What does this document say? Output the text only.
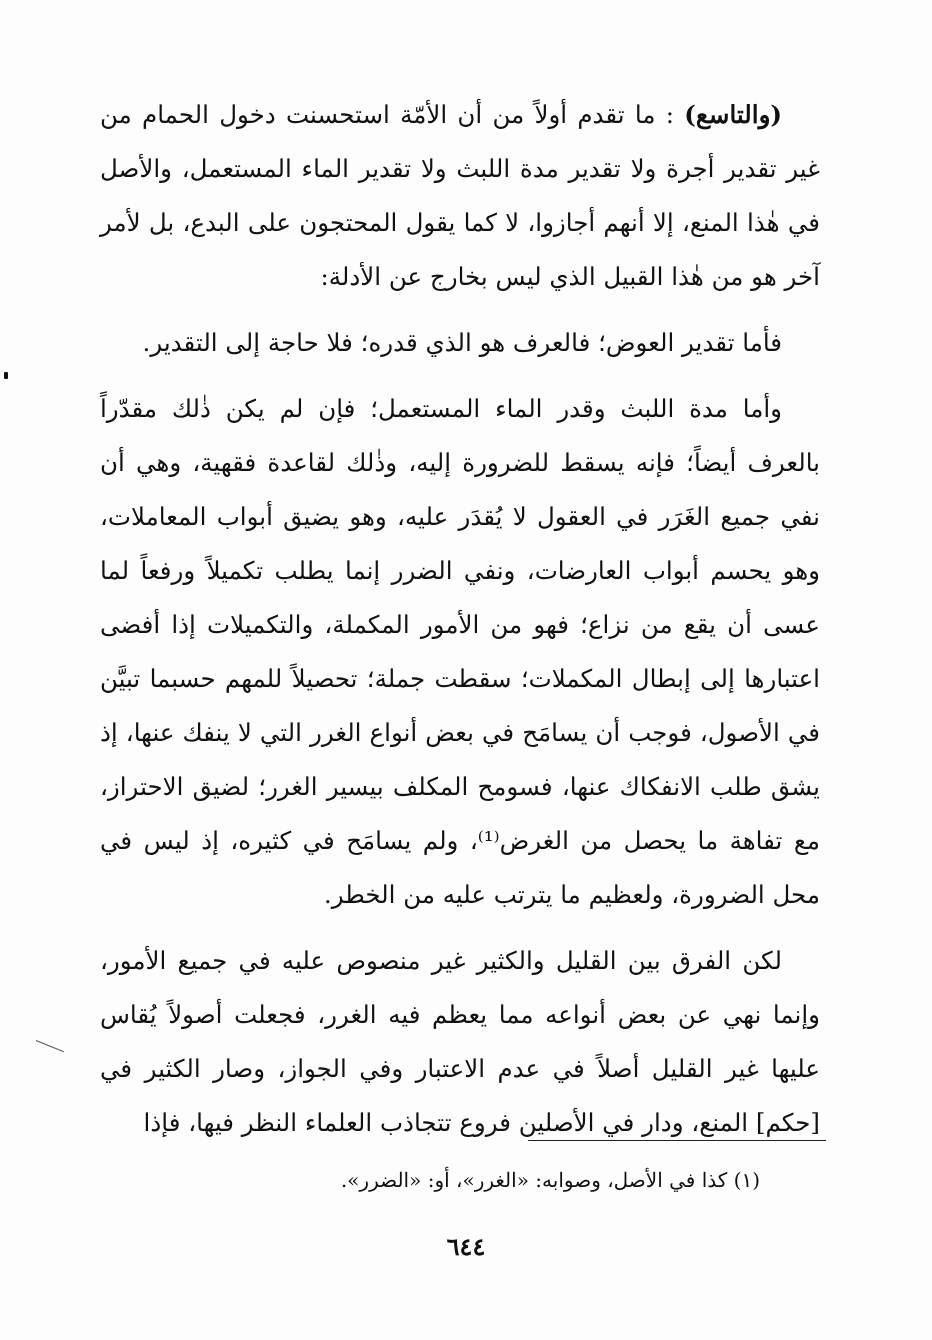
(والتاسع) : ما تقدم أولاً من أن الأمّة استحسنت دخول الحمام من غير تقدير أجرة ولا تقدير مدة اللبث ولا تقدير الماء المستعمل، والأصل في هٰذا المنع، إلا أنهم أجازوا، لا كما يقول المحتجون على البدع، بل لأمر آخر هو من هٰذا القبيل الذي ليس بخارج عن الأدلة:

فأما تقدير العوض؛ فالعرف هو الذي قدره؛ فلا حاجة إلى التقدير.

وأما مدة اللبث وقدر الماء المستعمل؛ فإن لم يكن ذٰلك مقدّراً بالعرف أيضاً؛ فإنه يسقط للضرورة إليه، وذٰلك لقاعدة فقهية، وهي أن نفي جميع الغَرَر في العقول لا يُقدَر عليه، وهو يضيق أبواب المعاملات، وهو يحسم أبواب العارضات، ونفي الضرر إنما يطلب تكميلاً ورفعاً لما عسى أن يقع من نزاع؛ فهو من الأمور المكملة، والتكميلات إذا أفضى اعتبارها إلى إبطال المكملات؛ سقطت جملة؛ تحصيلاً للمهم حسبما تبيَّن في الأصول، فوجب أن يسامَح في بعض أنواع الغرر التي لا ينفك عنها، إذ يشق طلب الانفكاك عنها، فسومح المكلف بيسير الغرر؛ لضيق الاحتراز، مع تفاهة ما يحصل من الغرض⁽¹⁾، ولم يسامَح في كثيره، إذ ليس في محل الضرورة، ولعظيم ما يترتب عليه من الخطر.

لكن الفرق بين القليل والكثير غير منصوص عليه في جميع الأمور، وإنما نهي عن بعض أنواعه مما يعظم فيه الغرر، فجعلت أصولاً يُقاس عليها غير القليل أصلاً في عدم الاعتبار وفي الجواز، وصار الكثير في [حكم] المنع، ودار في الأصلين فروع تتجاذب العلماء النظر فيها، فإذا

(١) كذا في الأصل، وصوابه: «الغرر»، أو: «الضرر».
٦٤٤
